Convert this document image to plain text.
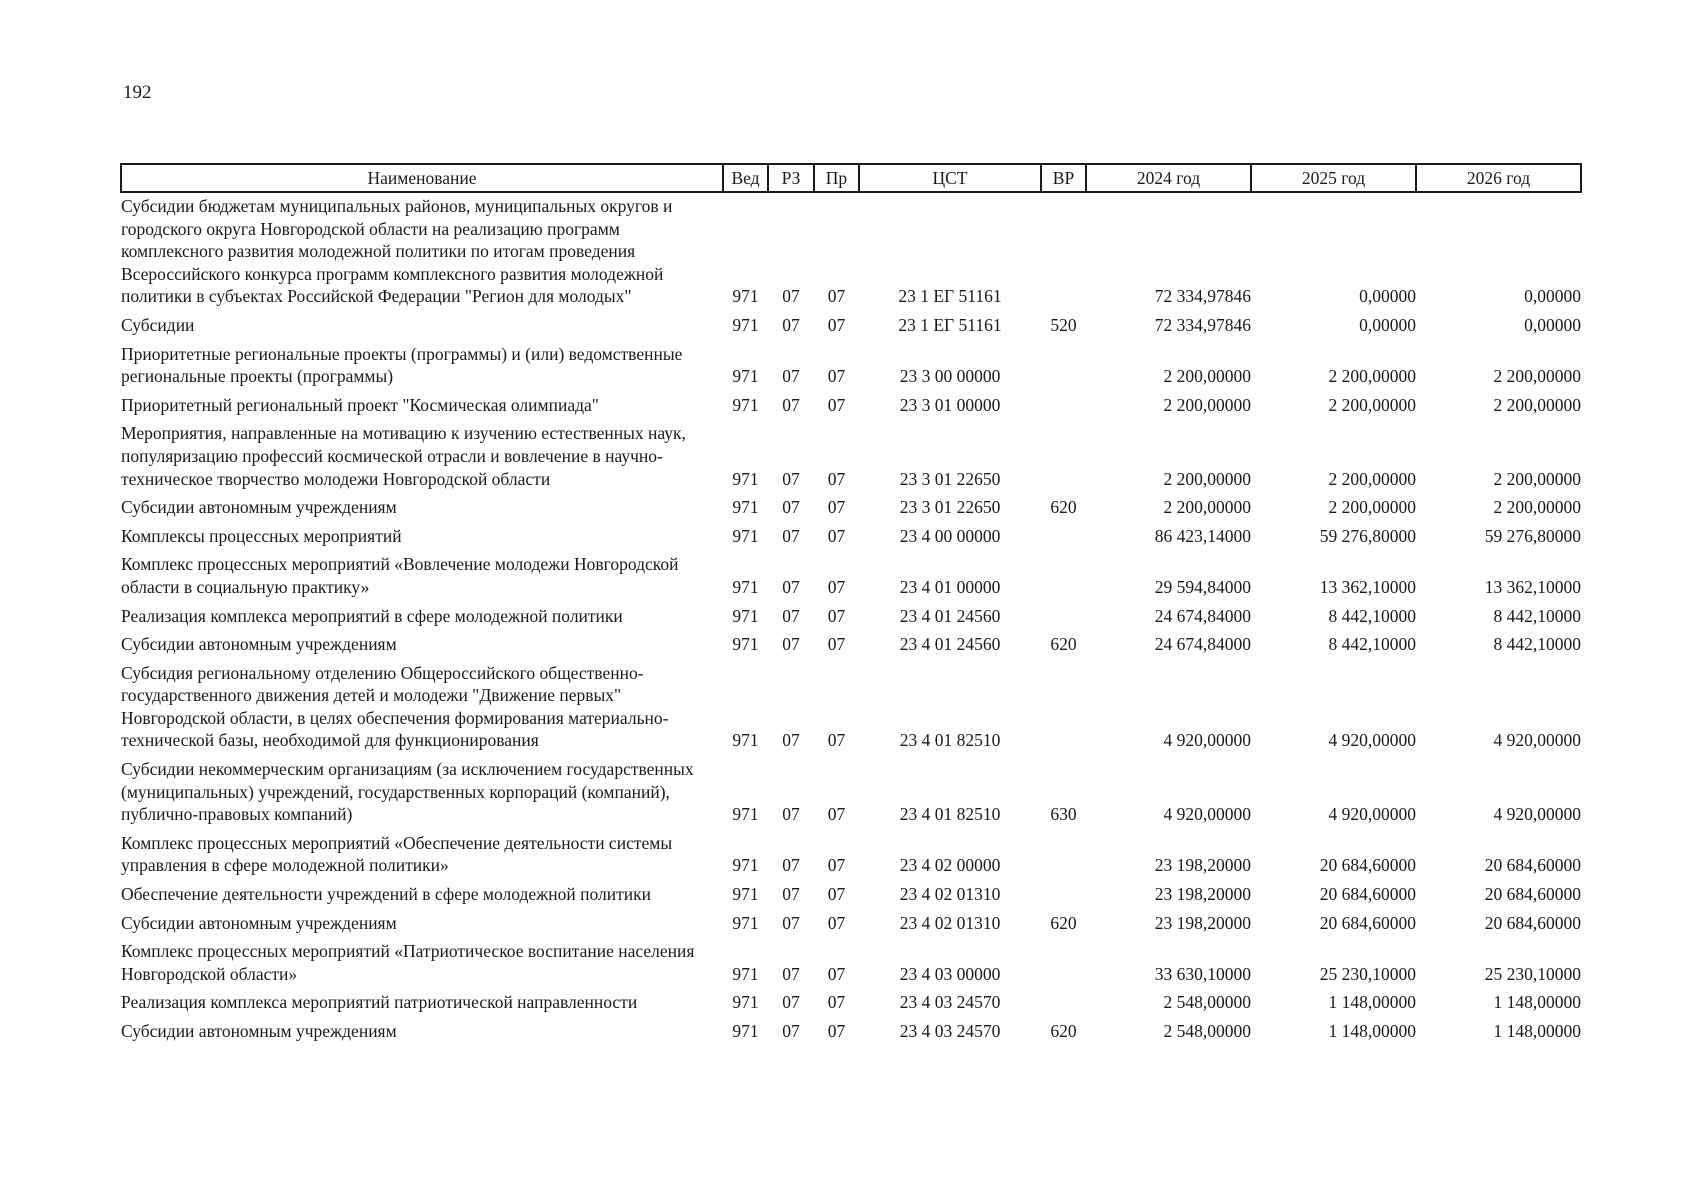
192
Наименование	Вед	РЗ	Пр	ЦСТ	ВР	2024 год	2025 год	2026 год
Субсидии бюджетам муниципальных районов, муниципальных округов и городского округа Новгородской области на реализацию программ комплексного развития молодежной политики по итогам проведения Всероссийского конкурса программ комплексного развития молодежной политики в субъектах Российской Федерации "Регион для молодых"	971	07	07	23 1 ЕГ 51161		72 334,97846	0,00000	0,00000
Субсидии	971	07	07	23 1 ЕГ 51161	520	72 334,97846	0,00000	0,00000
Приоритетные региональные проекты (программы) и (или) ведомственные региональные проекты (программы)	971	07	07	23 3 00 00000		2 200,00000	2 200,00000	2 200,00000
Приоритетный региональный проект "Космическая олимпиада"	971	07	07	23 3 01 00000		2 200,00000	2 200,00000	2 200,00000
Мероприятия, направленные на мотивацию к изучению естественных наук, популяризацию профессий космической отрасли и вовлечение в научно-техническое творчество молодежи Новгородской области	971	07	07	23 3 01 22650		2 200,00000	2 200,00000	2 200,00000
Субсидии автономным учреждениям	971	07	07	23 3 01 22650	620	2 200,00000	2 200,00000	2 200,00000
Комплексы процессных мероприятий	971	07	07	23 4 00 00000		86 423,14000	59 276,80000	59 276,80000
Комплекс процессных мероприятий «Вовлечение молодежи Новгородской области в социальную практику»	971	07	07	23 4 01 00000		29 594,84000	13 362,10000	13 362,10000
Реализация комплекса мероприятий в сфере молодежной политики	971	07	07	23 4 01 24560		24 674,84000	8 442,10000	8 442,10000
Субсидии автономным учреждениям	971	07	07	23 4 01 24560	620	24 674,84000	8 442,10000	8 442,10000
Субсидия региональному отделению Общероссийского общественно-государственного движения детей и молодежи "Движение первых" Новгородской области, в целях обеспечения формирования материально-технической базы, необходимой для функционирования	971	07	07	23 4 01 82510		4 920,00000	4 920,00000	4 920,00000
Субсидии некоммерческим организациям (за исключением государственных (муниципальных) учреждений, государственных корпораций (компаний), публично-правовых компаний)	971	07	07	23 4 01 82510	630	4 920,00000	4 920,00000	4 920,00000
Комплекс процессных мероприятий «Обеспечение деятельности системы управления в сфере молодежной политики»	971	07	07	23 4 02 00000		23 198,20000	20 684,60000	20 684,60000
Обеспечение деятельности учреждений в сфере молодежной политики	971	07	07	23 4 02 01310		23 198,20000	20 684,60000	20 684,60000
Субсидии автономным учреждениям	971	07	07	23 4 02 01310	620	23 198,20000	20 684,60000	20 684,60000
Комплекс процессных мероприятий «Патриотическое воспитание населения Новгородской области»	971	07	07	23 4 03 00000		33 630,10000	25 230,10000	25 230,10000
Реализация комплекса мероприятий патриотической направленности	971	07	07	23 4 03 24570		2 548,00000	1 148,00000	1 148,00000
Субсидии автономным учреждениям	971	07	07	23 4 03 24570	620	2 548,00000	1 148,00000	1 148,00000
